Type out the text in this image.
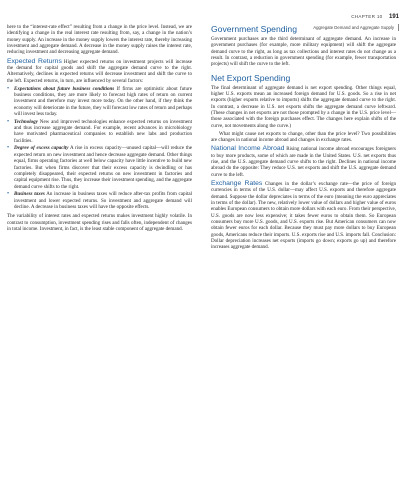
CHAPTER 10 191
Aggregate Demand and Aggregate Supply

here to the “interest-rate effect” resulting from a change in the price level. Instead, we are identifying a change in the real interest rate resulting from, say, a change in the nation’s money supply. An increase in the money supply lowers the interest rate, thereby increasing investment and aggregate demand. A decrease in the money supply raises the interest rate, reducing investment and decreasing aggregate demand.

Expected Returns Higher expected returns on investment projects will increase the demand for capital goods and shift the aggregate demand curve to the right. Alternatively, declines in expected returns will decrease investment and shift the curve to the left. Expected returns, in turn, are influenced by several factors:

• Expectations about future business conditions If firms are optimistic about future business conditions, they are more likely to forecast high rates of return on current investment and therefore may invest more today. On the other hand, if they think the economy will deteriorate in the future, they will forecast low rates of return and perhaps will invest less today.
• Technology New and improved technologies enhance expected returns on investment and thus increase aggregate demand. For example, recent advances in microbiology have motivated pharmaceutical companies to establish new labs and production facilities.
• Degree of excess capacity A rise in excess capacity—unused capital—will reduce the expected return on new investment and hence decrease aggregate demand. Other things equal, firms operating factories at well below capacity have little incentive to build new factories. But when firms discover that their excess capacity is dwindling or has completely disappeared, their expected returns on new investment in factories and capital equipment rise. Thus, they increase their investment spending, and the aggregate demand curve shifts to the right.
• Business taxes An increase in business taxes will reduce after-tax profits from capital investment and lower expected returns. So investment and aggregate demand will decline. A decrease in business taxes will have the opposite effects.

The variability of interest rates and expected returns makes investment highly volatile. In contrast to consumption, investment spending rises and falls often, independent of changes in total income. Investment, in fact, is the least stable component of aggregate demand.

Government Spending

Government purchases are the third determinant of aggregate demand. An increase in government purchases (for example, more military equipment) will shift the aggregate demand curve to the right, as long as tax collections and interest rates do not change as a result. In contrast, a reduction in government spending (for example, fewer transportation projects) will shift the curve to the left.

Net Export Spending

The final determinant of aggregate demand is net export spending. Other things equal, higher U.S. exports mean an increased foreign demand for U.S. goods. So a rise in net exports (higher exports relative to imports) shifts the aggregate demand curve to the right. In contrast, a decrease in U.S. net exports shifts the aggregate demand curve leftward. (These changes in net exports are not those prompted by a change in the U.S. price level—those associated with the foreign purchases effect. The changes here explain shifts of the curve, not movements along the curve.)

What might cause net exports to change, other than the price level? Two possibilities are changes in national income abroad and changes in exchange rates.

National Income Abroad Rising national income abroad encourages foreigners to buy more products, some of which are made in the United States. U.S. net exports thus rise, and the U.S. aggregate demand curve shifts to the right. Declines in national income abroad do the opposite: They reduce U.S. net exports and shift the U.S. aggregate demand curve to the left.

Exchange Rates Changes in the dollar’s exchange rate—the price of foreign currencies in terms of the U.S. dollar—may affect U.S. exports and therefore aggregate demand. Suppose the dollar depreciates in terms of the euro (meaning the euro appreciates in terms of the dollar). The new, relatively lower value of dollars and higher value of euros enables European consumers to obtain more dollars with each euro. From their perspective, U.S. goods are now less expensive; it takes fewer euros to obtain them. So European consumers buy more U.S. goods, and U.S. exports rise. But American consumers can now obtain fewer euros for each dollar. Because they must pay more dollars to buy European goods, Americans reduce their imports. U.S. exports rise and U.S. imports fall. Conclusion: Dollar depreciation increases net exports (imports go down; exports go up) and therefore increases aggregate demand.
